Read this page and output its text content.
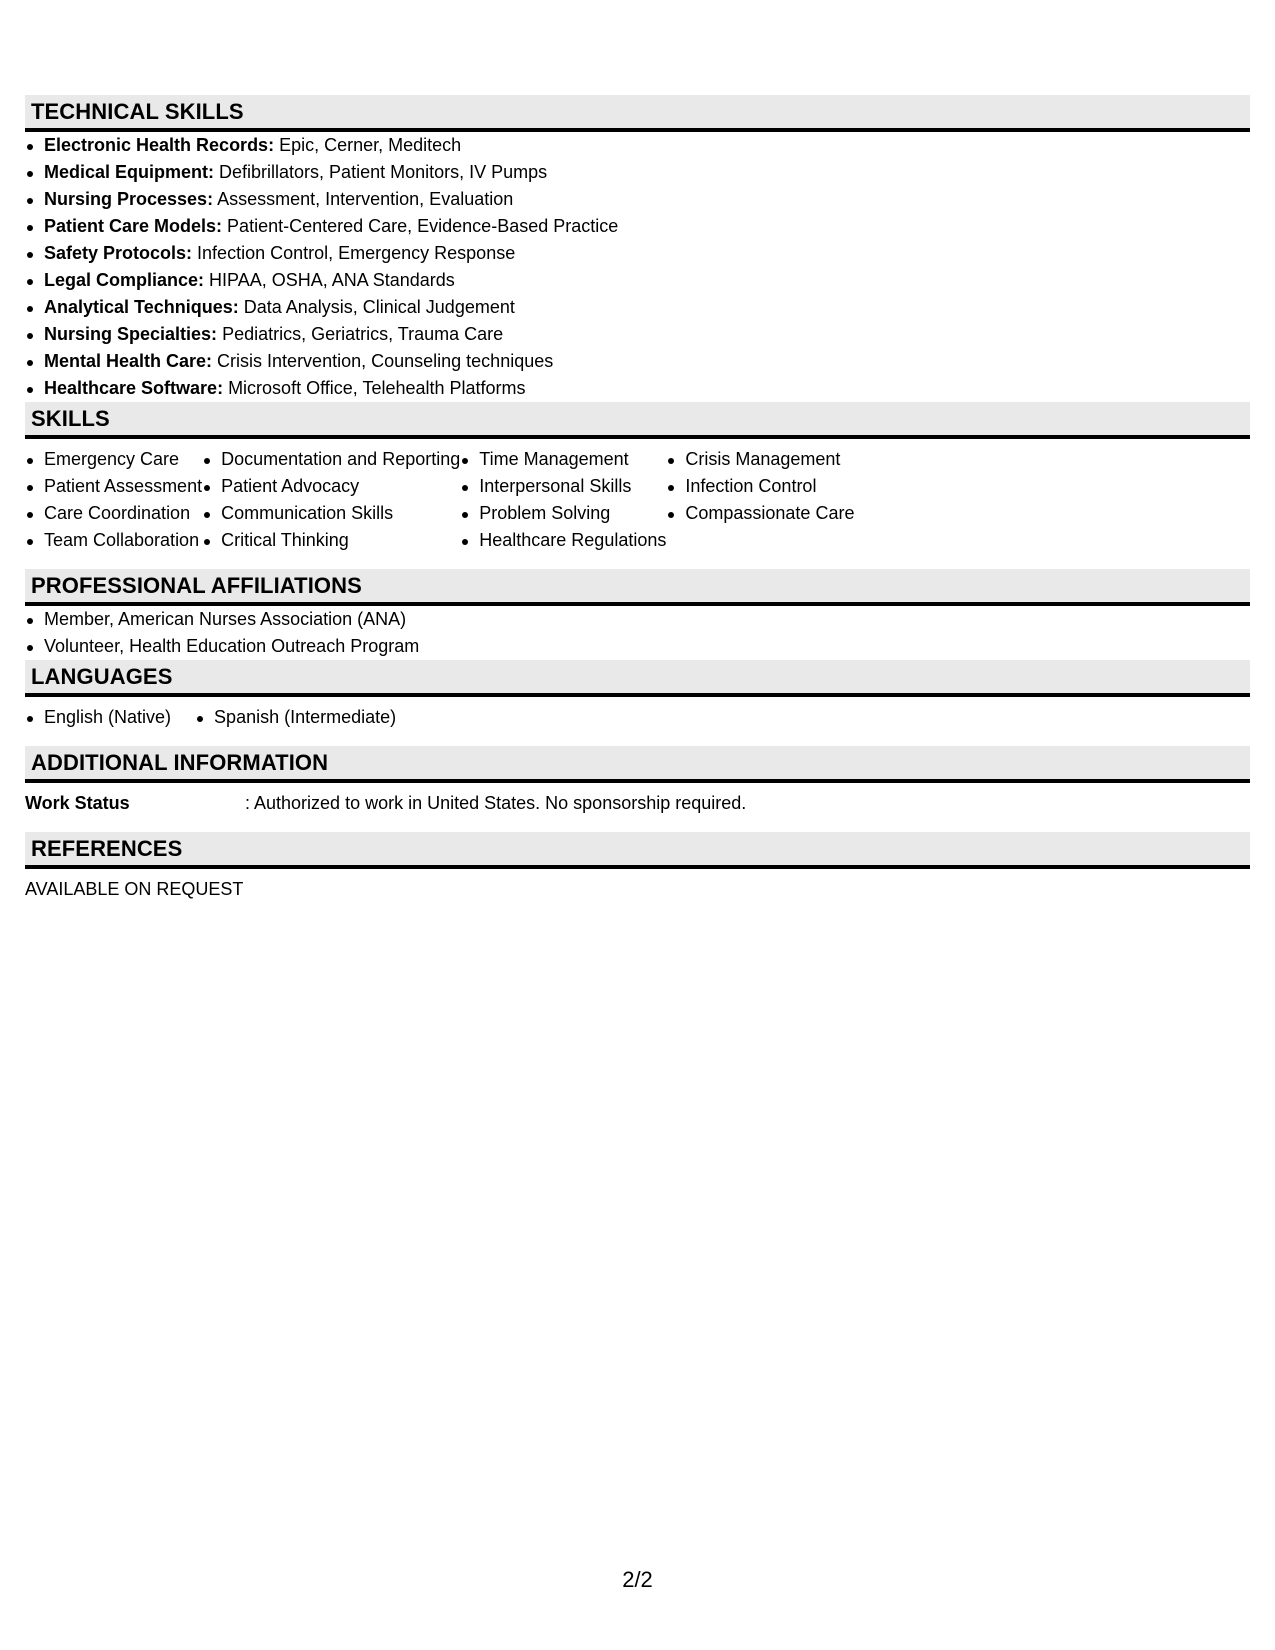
TECHNICAL SKILLS
Electronic Health Records: Epic, Cerner, Meditech
Medical Equipment: Defibrillators, Patient Monitors, IV Pumps
Nursing Processes: Assessment, Intervention, Evaluation
Patient Care Models: Patient-Centered Care, Evidence-Based Practice
Safety Protocols: Infection Control, Emergency Response
Legal Compliance: HIPAA, OSHA, ANA Standards
Analytical Techniques: Data Analysis, Clinical Judgement
Nursing Specialties: Pediatrics, Geriatrics, Trauma Care
Mental Health Care: Crisis Intervention, Counseling techniques
Healthcare Software: Microsoft Office, Telehealth Platforms
SKILLS
Emergency Care
Patient Assessment
Care Coordination
Team Collaboration
Documentation and Reporting
Patient Advocacy
Communication Skills
Critical Thinking
Time Management
Interpersonal Skills
Problem Solving
Healthcare Regulations
Crisis Management
Infection Control
Compassionate Care
PROFESSIONAL AFFILIATIONS
Member, American Nurses Association (ANA)
Volunteer, Health Education Outreach Program
LANGUAGES
English (Native)	Spanish (Intermediate)
ADDITIONAL INFORMATION
Work Status	: Authorized to work in United States. No sponsorship required.
REFERENCES
AVAILABLE ON REQUEST
2/2
